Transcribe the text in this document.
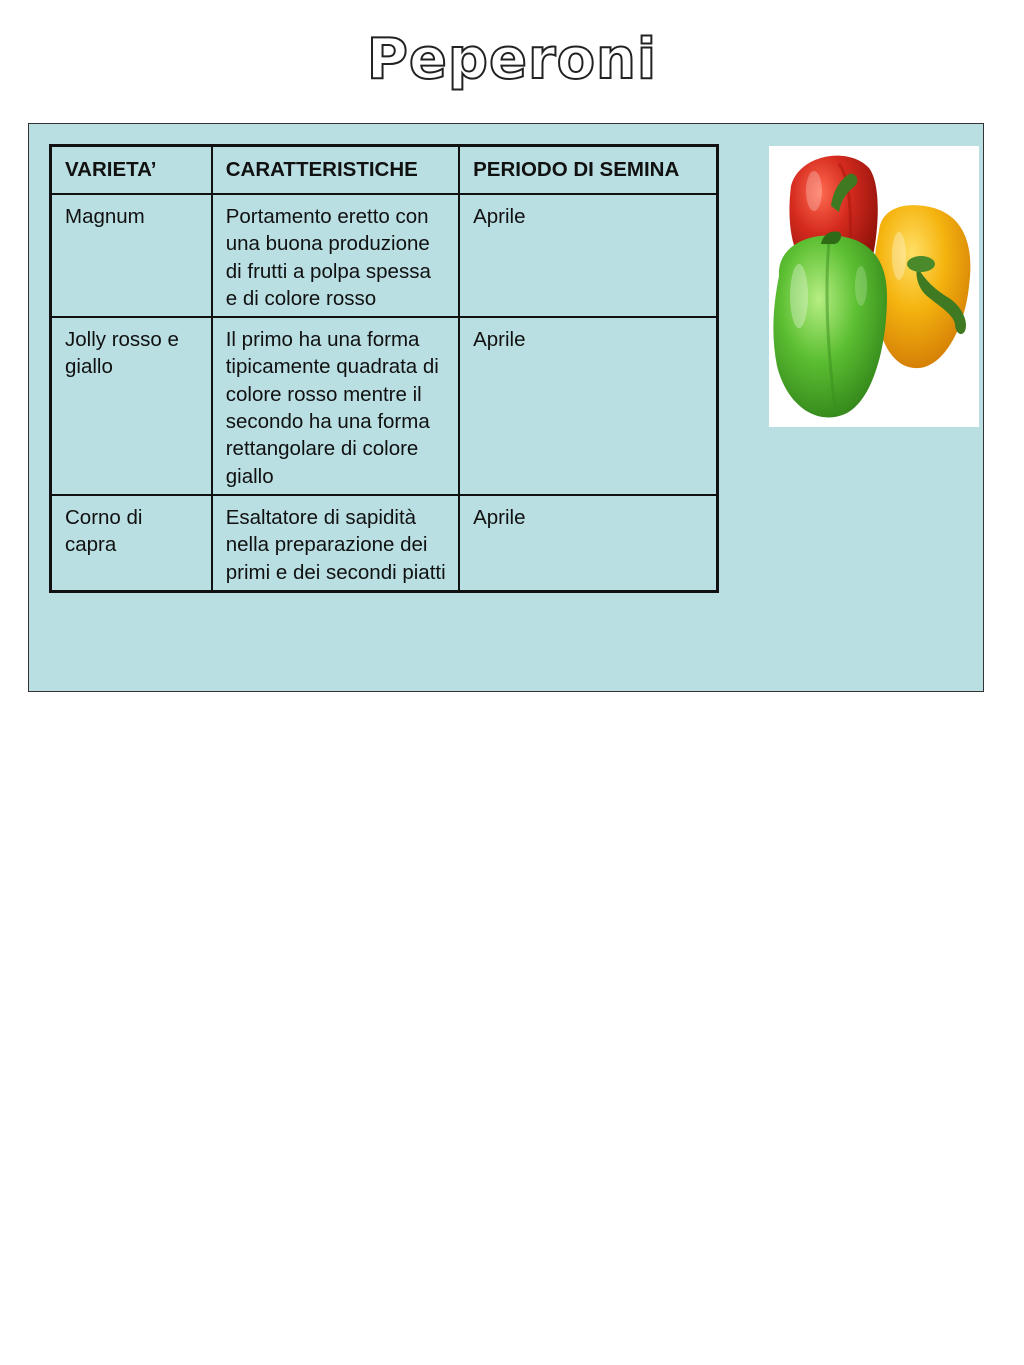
Peperoni
VARIETA’	CARATTERISTICHE	PERIODO DI SEMINA
Magnum	Portamento eretto con una buona produzione di frutti a polpa spessa e di colore rosso	Aprile
Jolly rosso e giallo	Il primo ha una forma tipicamente quadrata di colore rosso mentre il secondo ha una forma rettangolare di colore giallo	Aprile
Corno di capra	Esaltatore di sapidità nella preparazione dei primi e dei secondi piatti	Aprile
